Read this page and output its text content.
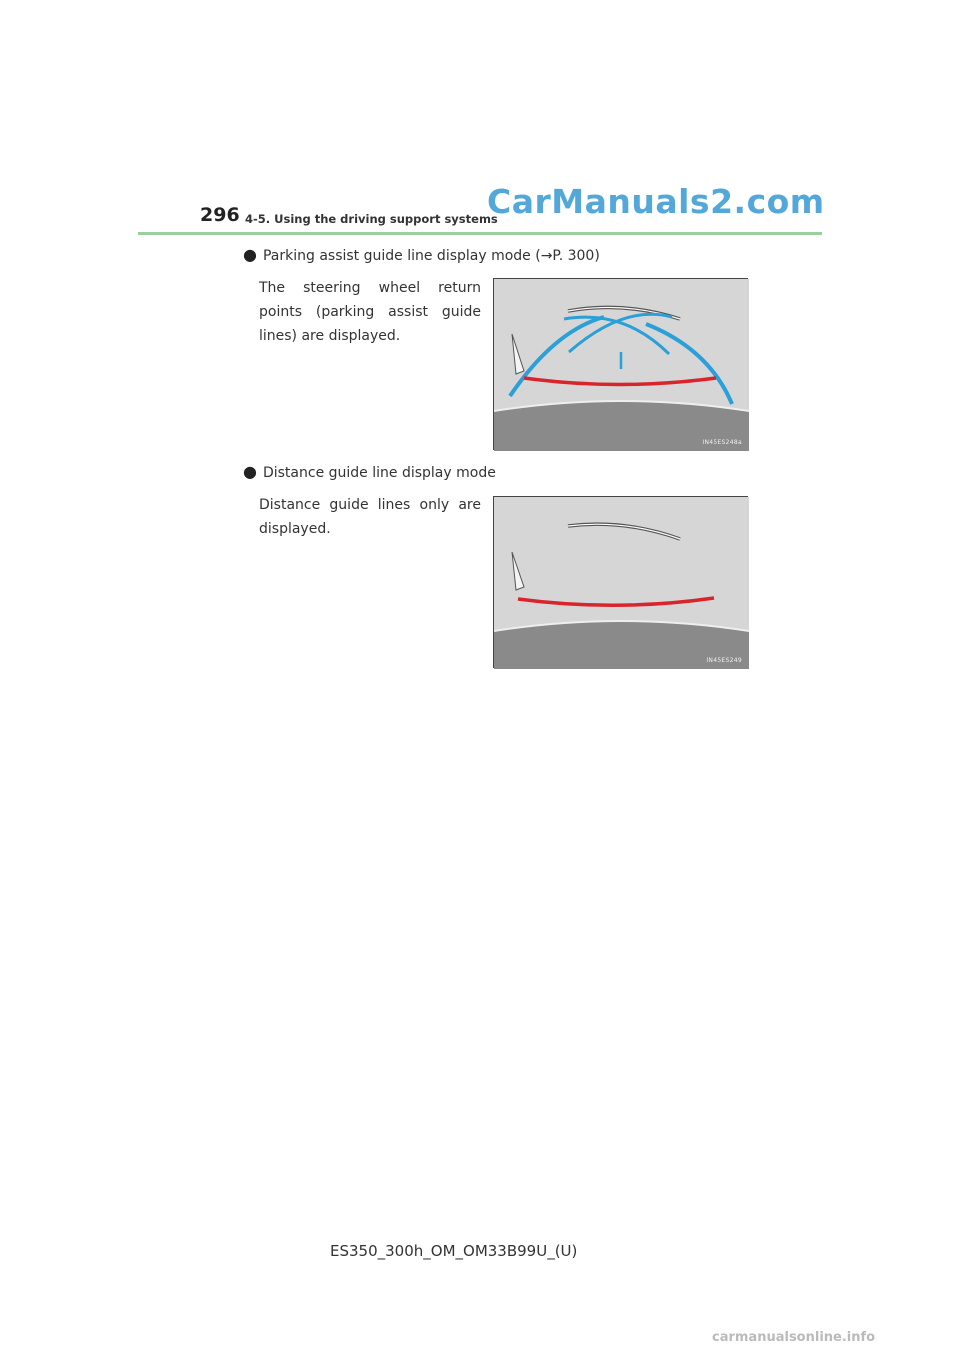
296 4-5. Using the driving support systems
CarManuals2.com
● Parking assist guide line display mode (→P. 300)
The steering wheel return points (parking assist guide lines) are displayed.
IN45ES248a
● Distance guide line display mode
Distance guide lines only are displayed.
IN45ES249
ES350_300h_OM_OM33B99U_(U)
carmanualsonline.info
